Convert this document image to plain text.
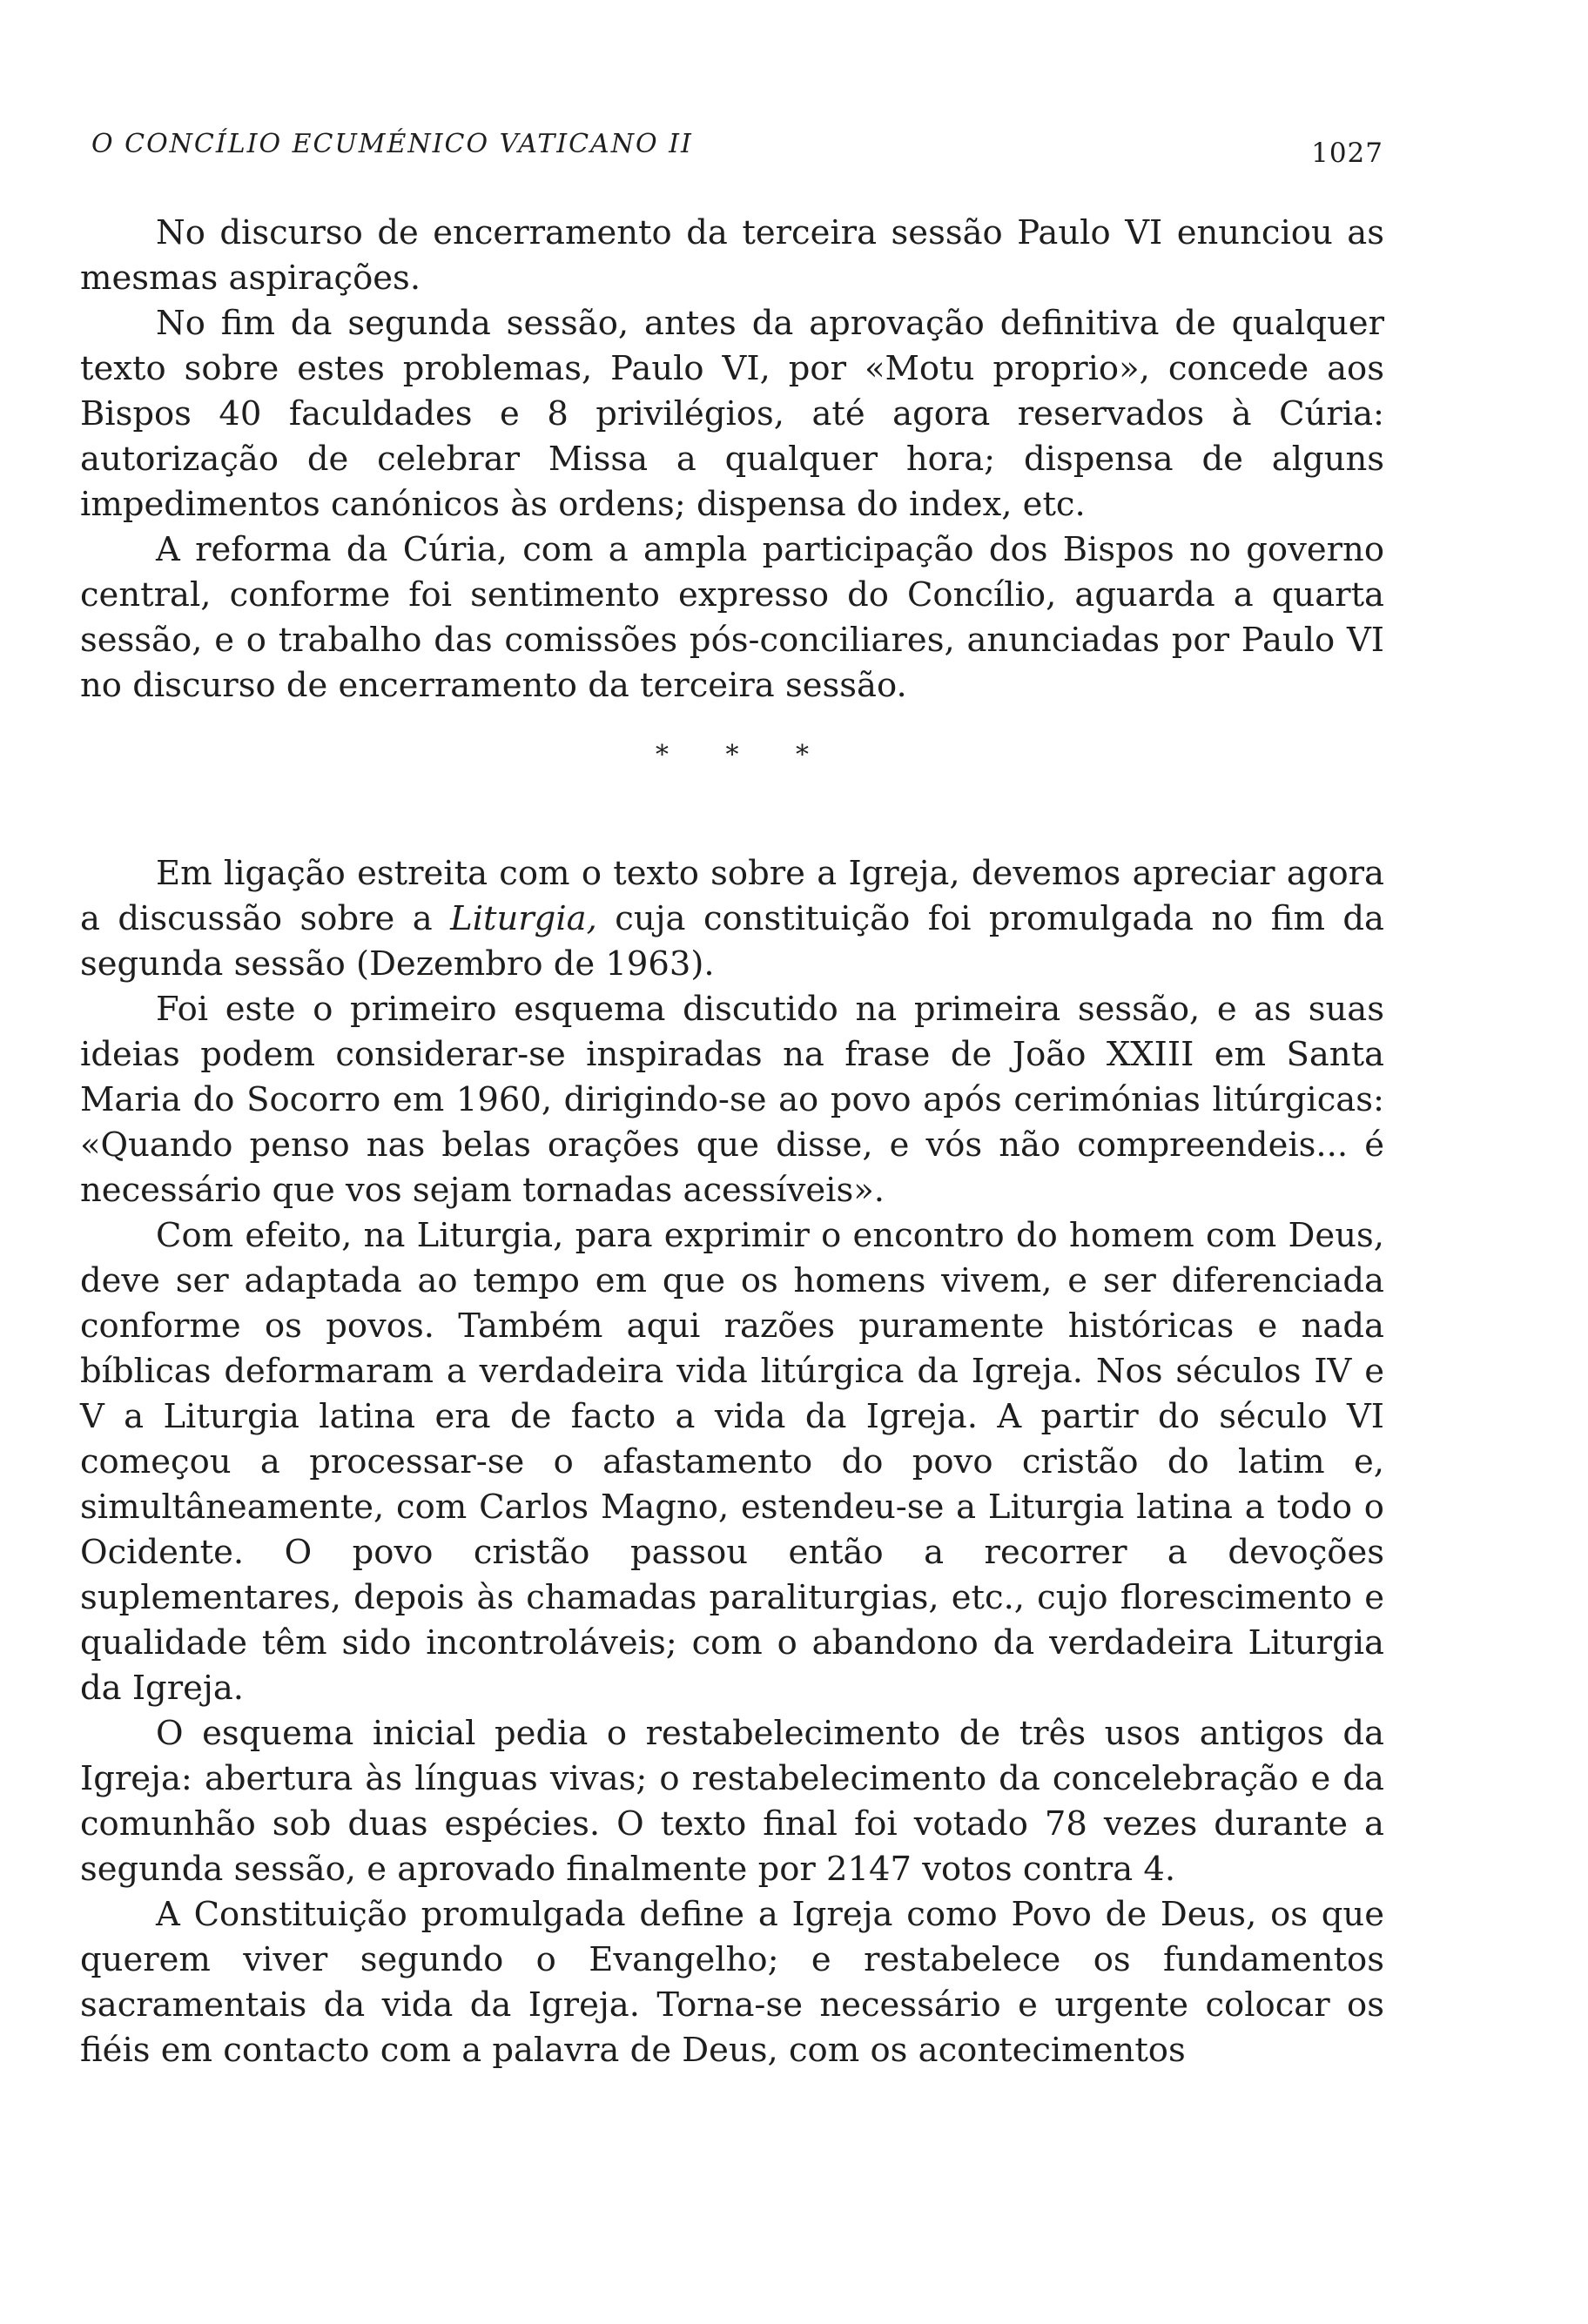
O CONCÍLIO ECUMÉNICO VATICANO II	1027

No discurso de encerramento da terceira sessão Paulo VI enunciou as mesmas aspirações.

No fim da segunda sessão, antes da aprovação definitiva de qualquer texto sobre estes problemas, Paulo VI, por «Motu proprio», concede aos Bispos 40 faculdades e 8 privilégios, até agora reservados à Cúria: autorização de celebrar Missa a qualquer hora; dispensa de alguns impedimentos canónicos às ordens; dispensa do index, etc.

A reforma da Cúria, com a ampla participação dos Bispos no governo central, conforme foi sentimento expresso do Concílio, aguarda a quarta sessão, e o trabalho das comissões pós-conciliares, anunciadas por Paulo VI no discurso de encerramento da terceira sessão.

* * *

Em ligação estreita com o texto sobre a Igreja, devemos apreciar agora a discussão sobre a Liturgia, cuja constituição foi promulgada no fim da segunda sessão (Dezembro de 1963).

Foi este o primeiro esquema discutido na primeira sessão, e as suas ideias podem considerar-se inspiradas na frase de João XXIII em Santa Maria do Socorro em 1960, dirigindo-se ao povo após cerimónias litúrgicas: «Quando penso nas belas orações que disse, e vós não compreendeis... é necessário que vos sejam tornadas acessíveis».

Com efeito, na Liturgia, para exprimir o encontro do homem com Deus, deve ser adaptada ao tempo em que os homens vivem, e ser diferenciada conforme os povos. Também aqui razões puramente históricas e nada bíblicas deformaram a verdadeira vida litúrgica da Igreja. Nos séculos IV e V a Liturgia latina era de facto a vida da Igreja. A partir do século VI começou a processar-se o afastamento do povo cristão do latim e, simultâneamente, com Carlos Magno, estendeu-se a Liturgia latina a todo o Ocidente. O povo cristão passou então a recorrer a devoções suplementares, depois às chamadas paraliturgias, etc., cujo florescimento e qualidade têm sido incontroláveis; com o abandono da verdadeira Liturgia da Igreja.

O esquema inicial pedia o restabelecimento de três usos antigos da Igreja: abertura às línguas vivas; o restabelecimento da concelebração e da comunhão sob duas espécies. O texto final foi votado 78 vezes durante a segunda sessão, e aprovado finalmente por 2147 votos contra 4.

A Constituição promulgada define a Igreja como Povo de Deus, os que querem viver segundo o Evangelho; e restabelece os fundamentos sacramentais da vida da Igreja. Torna-se necessário e urgente colocar os fiéis em contacto com a palavra de Deus, com os acontecimentos
